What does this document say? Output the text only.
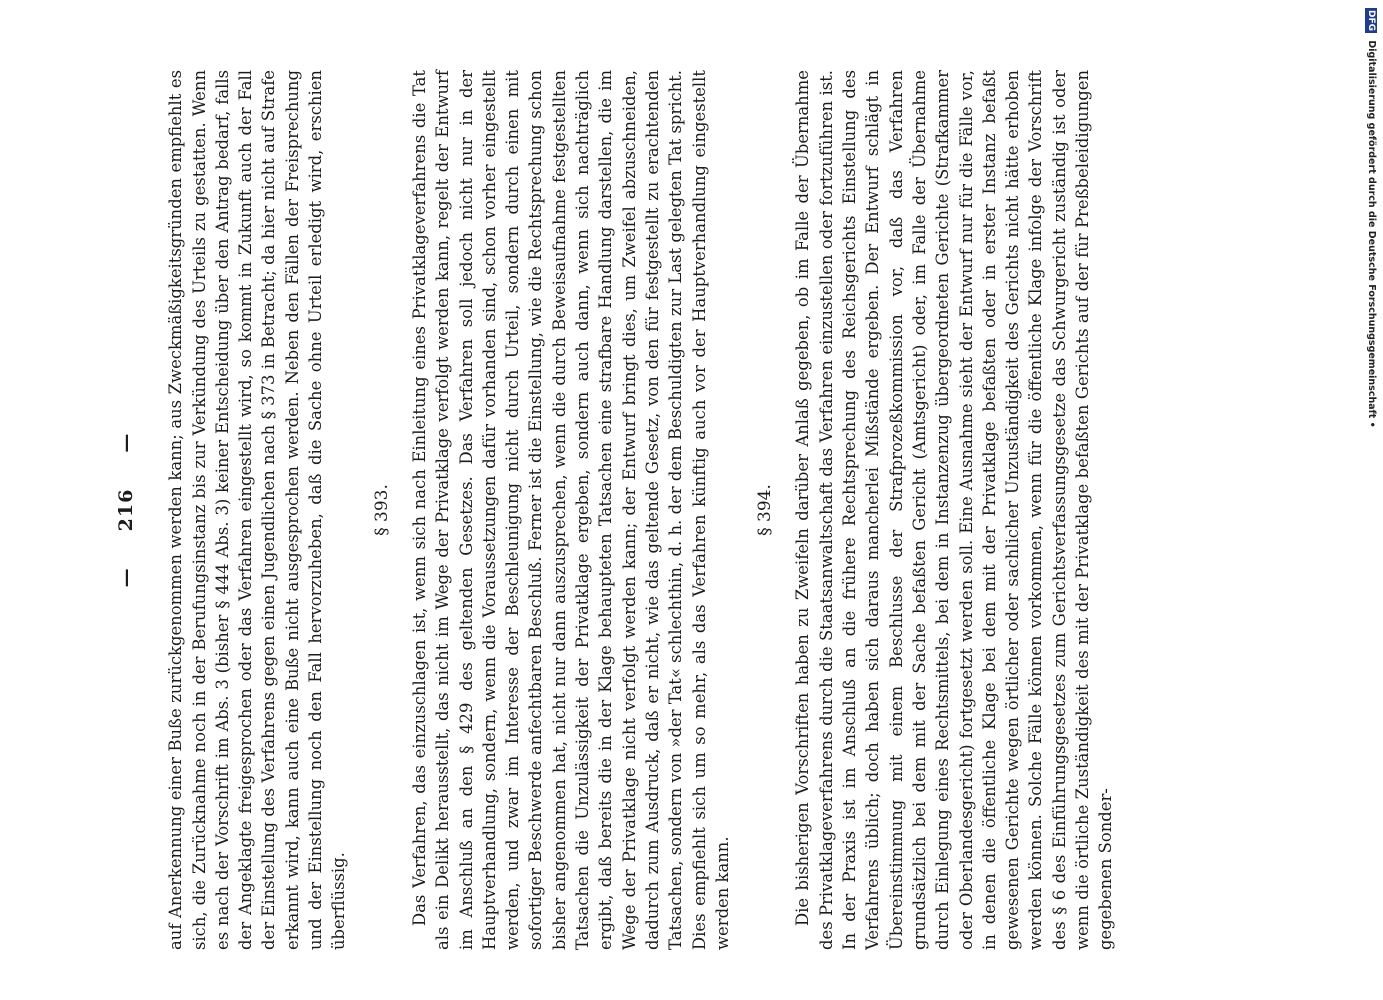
—216— auf Anerkennung einer Buße zurückgenommen werden kann; aus Zweckmäßigkeitsgründen empfiehlt es sich, die Zurücknahme noch in der Berufungsinstanz bis zur Verkündung des Urteils zu gestatten. Wenn es nach der Vorschrift im Abs. 3 (bisher § 444 Abs. 3) keiner Entscheidung über den Antrag bedarf, falls der Angeklagte freigesprochen oder das Verfahren eingestellt wird, so kommt in Zukunft auch der Fall der Einstellung des Verfahrens gegen einen Jugendlichen nach § 373 in Betracht; da hier nicht auf Strafe erkannt wird, kann auch eine Buße nicht ausgesprochen werden. Neben den Fällen der Freisprechung und der Einstellung noch den Fall hervorzuheben, daß die Sache ohne Urteil erledigt wird, erschien überflüssig.

§ 393. Das Verfahren, das einzuschlagen ist, wenn sich nach Einleitung eines Privatklageverfahrens die Tat als ein Delikt herausstellt, das nicht im Wege der Privatklage verfolgt werden kann, regelt der Entwurf im Anschluß an den § 429 des geltenden Gesetzes. Das Verfahren soll jedoch nicht nur in der Hauptverhandlung, sondern, wenn die Voraussetzungen dafür vorhanden sind, schon vorher eingestellt werden, und zwar im Interesse der Beschleunigung nicht durch Urteil, sondern durch einen mit sofortiger Beschwerde anfechtbaren Beschluß. Ferner ist die Einstellung, wie die Rechtsprechung schon bisher angenommen hat, nicht nur dann auszusprechen, wenn die durch Beweisaufnahme festgestellten Tatsachen die Unzulässigkeit der Privatklage ergeben, sondern auch dann, wenn sich nachträglich ergibt, daß bereits die in der Klage behaupteten Tatsachen eine strafbare Handlung darstellen, die im Wege der Privatklage nicht verfolgt werden kann; der Entwurf bringt dies, um Zweifel abzuschneiden, dadurch zum Ausdruck, daß er nicht, wie das geltende Gesetz, von den für festgestellt zu erachtenden Tatsachen, sondern von »der Tat« schlechthin, d. h. der dem Beschuldigten zur Last gelegten Tat spricht. Dies empfiehlt sich um so mehr, als das Verfahren künftig auch vor der Hauptverhandlung eingestellt werden kann.

§ 394. Die bisherigen Vorschriften haben zu Zweifeln darüber Anlaß gegeben, ob im Falle der Übernahme des Privatklageverfahrens durch die Staatsanwaltschaft das Verfahren einzustellen oder fortzuführen ist. In der Praxis ist im Anschluß an die frühere Rechtsprechung des Reichsgerichts Einstellung des Verfahrens üblich; doch haben sich daraus mancherlei Mißstände ergeben. Der Entwurf schlägt in Übereinstimmung mit einem Beschlusse der Strafprozeßkommission vor, daß das Verfahren grundsätzlich bei dem mit der Sache befaßten Gericht (Amtsgericht) oder, im Falle der Übernahme durch Einlegung eines Rechtsmittels, bei dem in Instanzenzug übergeordneten Gerichte (Strafkammer oder Oberlandesgericht) fortgesetzt werden soll. Eine Ausnahme sieht der Entwurf nur für die Fälle vor, in denen die öffentliche Klage bei dem mit der Privatklage befaßten oder in erster Instanz befaßt gewesenen Gerichte wegen örtlicher oder sachlicher Unzuständigkeit des Gerichts nicht hätte erhoben werden können. Solche Fälle können vorkommen, wenn für die öffentliche Klage infolge der Vorschrift des § 6 des Einführungsgesetzes zum Gerichtsverfassungsgesetze das Schwurgericht zuständig ist oder wenn die örtliche Zuständigkeit des mit der Privatklage befaßten Gerichts auf der für Preßbeleidigungen gegebenen Sonder-

DFG Digitalisierung gefördert durch die Deutsche Forschungsgemeinschaft •
